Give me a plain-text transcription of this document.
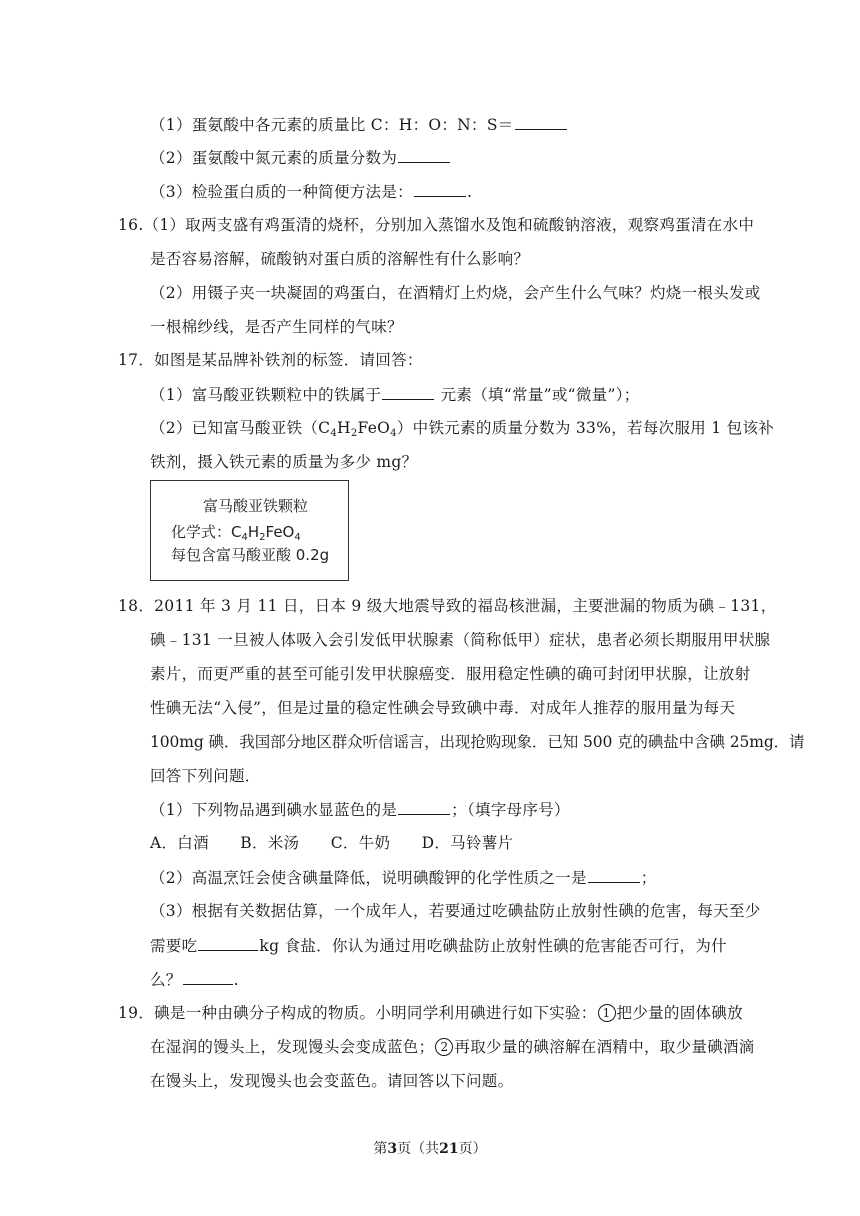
（1）蛋氨酸中各元素的质量比 C：H：O：N：S＝
（2）蛋氨酸中氮元素的质量分数为
（3）检验蛋白质的一种简便方法是：	.
16.（1）取两支盛有鸡蛋清的烧杯，分别加入蒸馏水及饱和硫酸钠溶液，观察鸡蛋清在水中
是否容易溶解，硫酸钠对蛋白质的溶解性有什么影响？
（2）用镊子夹一块凝固的鸡蛋白，在酒精灯上灼烧，会产生什么气味？灼烧一根头发或
一根棉纱线，是否产生同样的气味？
17．如图是某品牌补铁剂的标签．请回答：
（1）富马酸亚铁颗粒中的铁属于	元素（填“常量”或“微量”）；
（2）已知富马酸亚铁$(C_4H_2FeO_4)$中铁元素的质量分数为 33%，若每次服用 1 包该补
铁剂，摄入铁元素的质量为多少 mg？
富马酸亚铁颗粒
化学式：$C_4H_2FeO_4$
每包含富马酸亚酸 0.2g
18．2011 年 3 月 11 日，日本 9 级大地震导致的福岛核泄漏，主要泄漏的物质为碘﹣131，
碘﹣131 一旦被人体吸入会引发低甲状腺素（简称低甲）症状，患者必须长期服用甲状腺
素片，而更严重的甚至可能引发甲状腺癌变．服用稳定性碘的确可封闭甲状腺，让放射
性碘无法“入侵”，但是过量的稳定性碘会导致碘中毒．对成年人推荐的服用量为每天
100mg 碘．我国部分地区群众听信谣言，出现抢购现象．已知 500 克的碘盐中含碘 25mg．请
回答下列问题．
（1）下列物品遇到碘水显蓝色的是	；（填字母序号）
A．白酒      B．米汤      C．牛奶      D．马铃薯片
（2）高温烹饪会使含碘量降低，说明碘酸钾的化学性质之一是	；
（3）根据有关数据估算，一个成年人，若要通过吃碘盐防止放射性碘的危害，每天至少
需要吃	kg 食盐．你认为通过用吃碘盐防止放射性碘的危害能否可行，为什
么？	.
19．碘是一种由碘分子构成的物质。小明同学利用碘进行如下实验： 1 把少量的固体碘放
在湿润的馒头上，发现馒头会变成蓝色； 2 再取少量的碘溶解在酒精中，取少量碘酒滴
在馒头上，发现馒头也会变蓝色。请回答以下问题。
第3页（共21页）
